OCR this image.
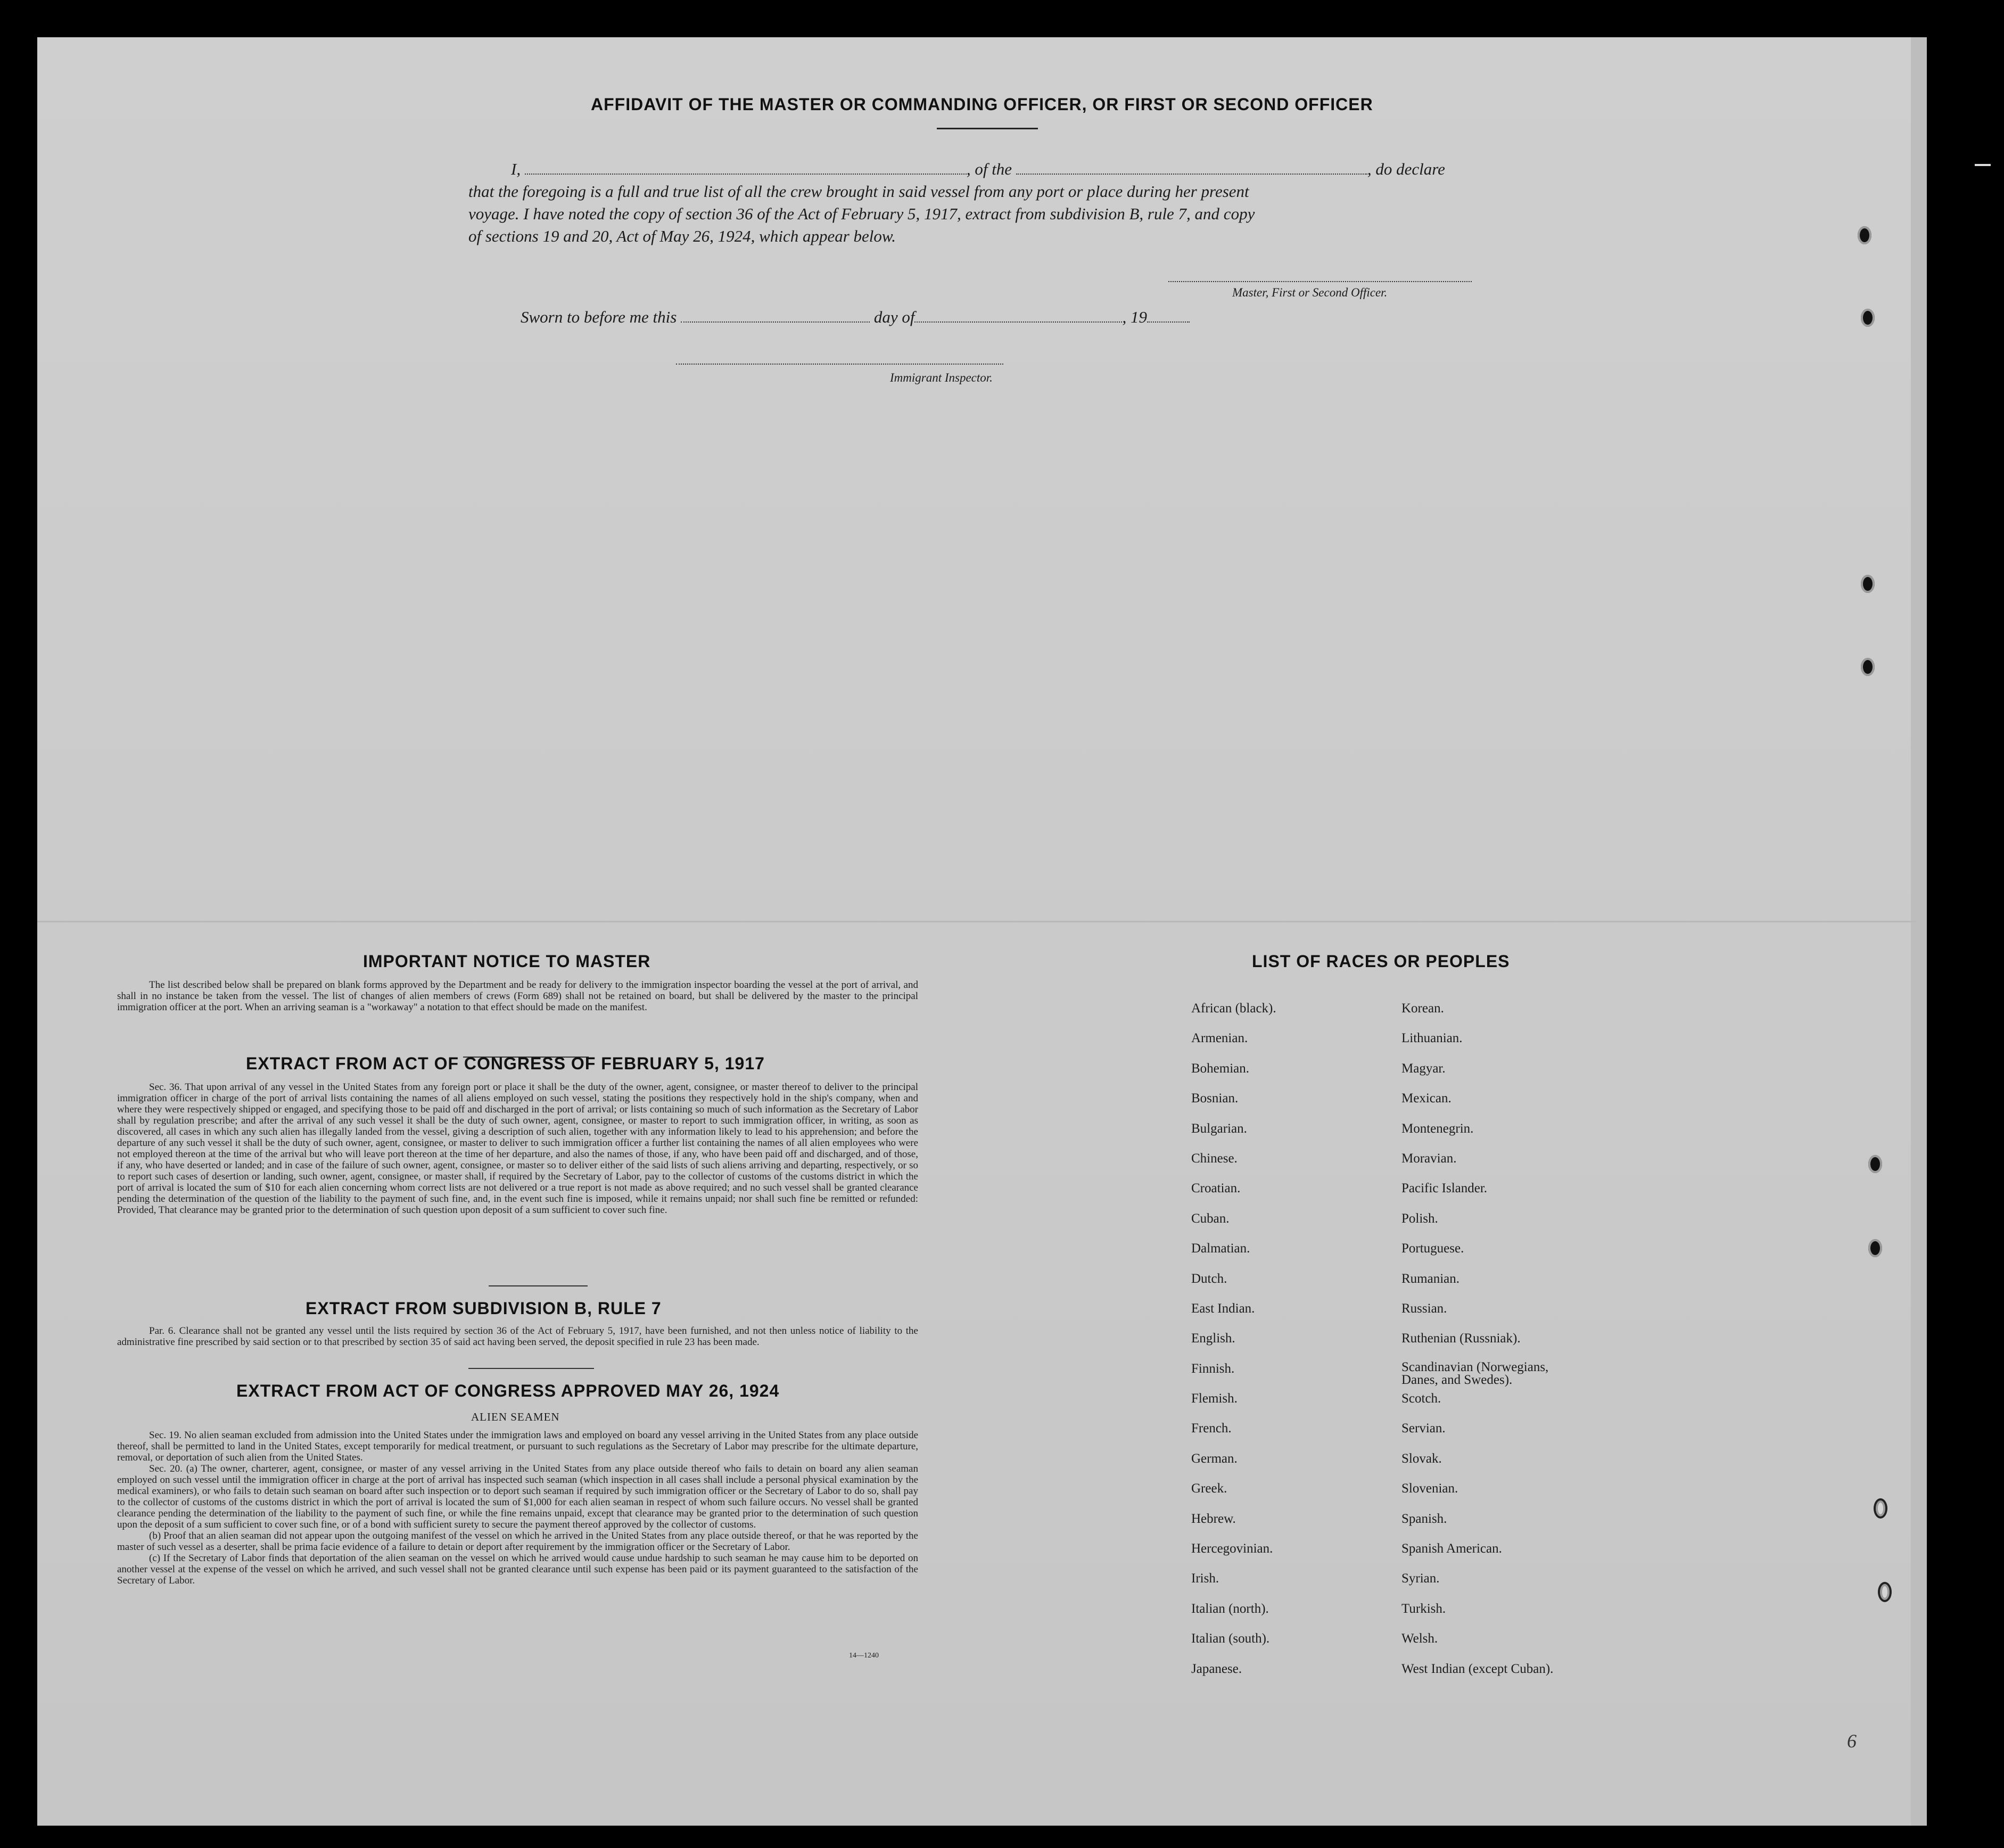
AFFIDAVIT OF THE MASTER OR COMMANDING OFFICER, OR FIRST OR SECOND OFFICER
I,	, of the	, do declare
that the foregoing is a full and true list of all the crew brought in said vessel from any port or place during her present
voyage. I have noted the copy of section 36 of the Act of February 5, 1917, extract from subdivision B, rule 7, and copy
of sections 19 and 20, Act of May 26, 1924, which appear below.
Master, First or Second Officer.
Sworn to before me this	day of	, 19
Immigrant Inspector.
IMPORTANT NOTICE TO MASTER

The list described below shall be prepared on blank forms approved by the Department and be ready for delivery to the immigration inspector boarding the vessel at the port of arrival, and shall in no instance be taken from the vessel. The list of changes of alien members of crews (Form 689) shall not be retained on board, but shall be delivered by the master to the principal immigration officer at the port. When an arriving seaman is a "workaway" a notation to that effect should be made on the manifest.

EXTRACT FROM ACT OF CONGRESS OF FEBRUARY 5, 1917

Sec. 36. That upon arrival of any vessel in the United States from any foreign port or place it shall be the duty of the owner, agent, consignee, or master thereof to deliver to the principal immigration officer in charge of the port of arrival lists containing the names of all aliens employed on such vessel, stating the positions they respectively hold in the ship's company, when and where they were respectively shipped or engaged, and specifying those to be paid off and discharged in the port of arrival; or lists containing so much of such information as the Secretary of Labor shall by regulation prescribe; and after the arrival of any such vessel it shall be the duty of such owner, agent, consignee, or master to report to such immigration officer, in writing, as soon as discovered, all cases in which any such alien has illegally landed from the vessel, giving a description of such alien, together with any information likely to lead to his apprehension; and before the departure of any such vessel it shall be the duty of such owner, agent, consignee, or master to deliver to such immigration officer a further list containing the names of all alien employees who were not employed thereon at the time of the arrival but who will leave port thereon at the time of her departure, and also the names of those, if any, who have been paid off and discharged, and of those, if any, who have deserted or landed; and in case of the failure of such owner, agent, consignee, or master so to deliver either of the said lists of such aliens arriving and departing, respectively, or so to report such cases of desertion or landing, such owner, agent, consignee, or master shall, if required by the Secretary of Labor, pay to the collector of customs of the customs district in which the port of arrival is located the sum of $10 for each alien concerning whom correct lists are not delivered or a true report is not made as above required; and no such vessel shall be granted clearance pending the determination of the question of the liability to the payment of such fine, and, in the event such fine is imposed, while it remains unpaid; nor shall such fine be remitted or refunded: Provided, That clearance may be granted prior to the determination of such question upon deposit of a sum sufficient to cover such fine.

EXTRACT FROM SUBDIVISION B, RULE 7

Par. 6. Clearance shall not be granted any vessel until the lists required by section 36 of the Act of February 5, 1917, have been furnished, and not then unless notice of liability to the administrative fine prescribed by said section or to that prescribed by section 35 of said act having been served, the deposit specified in rule 23 has been made.

EXTRACT FROM ACT OF CONGRESS APPROVED MAY 26, 1924
ALIEN SEAMEN

Sec. 19. No alien seaman excluded from admission into the United States under the immigration laws and employed on board any vessel arriving in the United States from any place outside thereof, shall be permitted to land in the United States, except temporarily for medical treatment, or pursuant to such regulations as the Secretary of Labor may prescribe for the ultimate departure, removal, or deportation of such alien from the United States.

Sec. 20. (a) The owner, charterer, agent, consignee, or master of any vessel arriving in the United States from any place outside thereof who fails to detain on board any alien seaman employed on such vessel until the immigration officer in charge at the port of arrival has inspected such seaman (which inspection in all cases shall include a personal physical examination by the medical examiners), or who fails to detain such seaman on board after such inspection or to deport such seaman if required by such immigration officer or the Secretary of Labor to do so, shall pay to the collector of customs of the customs district in which the port of arrival is located the sum of $1,000 for each alien seaman in respect of whom such failure occurs. No vessel shall be granted clearance pending the determination of the liability to the payment of such fine, or while the fine remains unpaid, except that clearance may be granted prior to the determination of such question upon the deposit of a sum sufficient to cover such fine, or of a bond with sufficient surety to secure the payment thereof approved by the collector of customs.

(b) Proof that an alien seaman did not appear upon the outgoing manifest of the vessel on which he arrived in the United States from any place outside thereof, or that he was reported by the master of such vessel as a deserter, shall be prima facie evidence of a failure to detain or deport after requirement by the immigration officer or the Secretary of Labor.

(c) If the Secretary of Labor finds that deportation of the alien seaman on the vessel on which he arrived would cause undue hardship to such seaman he may cause him to be deported on another vessel at the expense of the vessel on which he arrived, and such vessel shall not be granted clearance until such expense has been paid or its payment guaranteed to the satisfaction of the Secretary of Labor.

14—1240
LIST OF RACES OR PEOPLES
African (black).
Armenian.
Bohemian.
Bosnian.
Bulgarian.
Chinese.
Croatian.
Cuban.
Dalmatian.
Dutch.
East Indian.
English.
Finnish.
Flemish.
French.
German.
Greek.
Hebrew.
Hercegovinian.
Irish.
Italian (north).
Italian (south).
Japanese.
Korean.
Lithuanian.
Magyar.
Mexican.
Montenegrin.
Moravian.
Pacific Islander.
Polish.
Portuguese.
Rumanian.
Russian.
Ruthenian (Russniak).
Scandinavian (Norwegians, Danes, and Swedes).
Scotch.
Servian.
Slovak.
Slovenian.
Spanish.
Spanish American.
Syrian.
Turkish.
Welsh.
West Indian (except Cuban).
6
